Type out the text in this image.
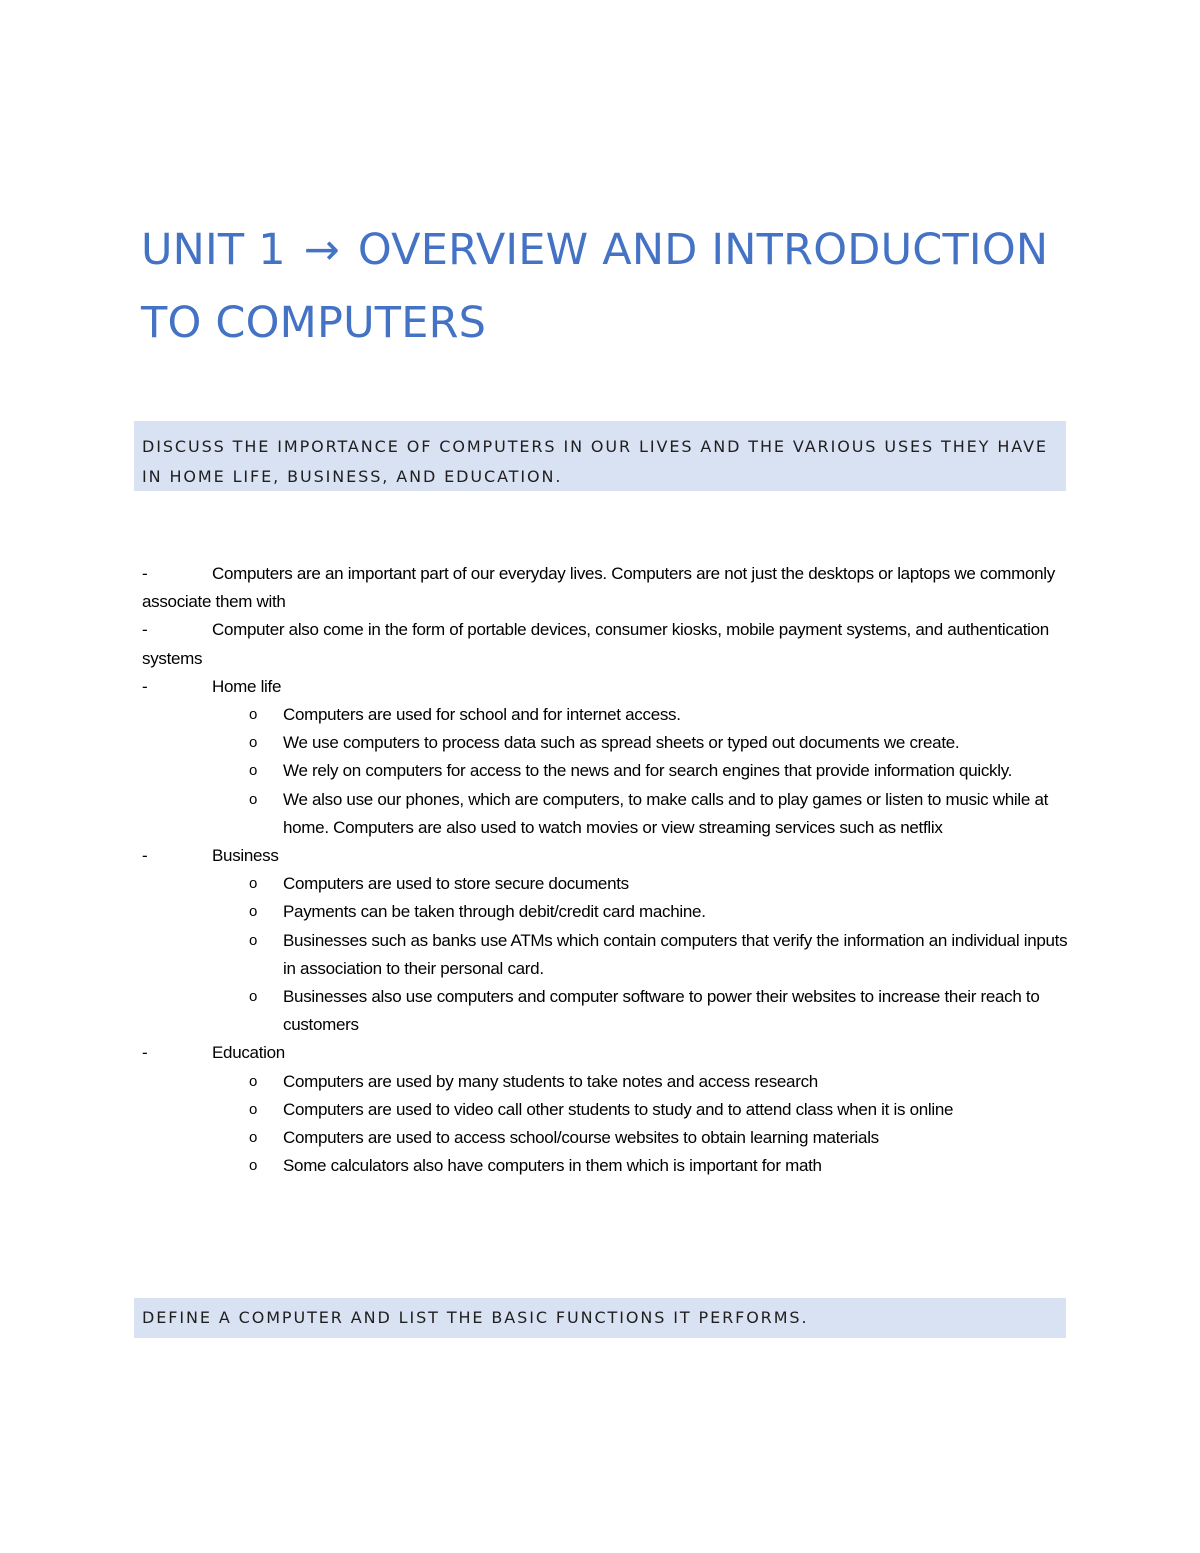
UNIT 1 → OVERVIEW AND INTRODUCTION TO COMPUTERS
DISCUSS THE IMPORTANCE OF COMPUTERS IN OUR LIVES AND THE VARIOUS USES THEY HAVE IN HOME LIFE, BUSINESS, AND EDUCATION.
-	Computers are an important part of our everyday lives. Computers are not just the desktops or laptops we commonly associate them with
-	Computer also come in the form of portable devices, consumer kiosks, mobile payment systems, and authentication systems
-	Home life
o Computers are used for school and for internet access.
o We use computers to process data such as spread sheets or typed out documents we create.
o We rely on computers for access to the news and for search engines that provide information quickly.
o We also use our phones, which are computers, to make calls and to play games or listen to music while at home. Computers are also used to watch movies or view streaming services such as netflix
-	Business
o Computers are used to store secure documents
o Payments can be taken through debit/credit card machine.
o Businesses such as banks use ATMs which contain computers that verify the information an individual inputs in association to their personal card.
o Businesses also use computers and computer software to power their websites to increase their reach to customers
-	Education
o Computers are used by many students to take notes and access research
o Computers are used to video call other students to study and to attend class when it is online
o Computers are used to access school/course websites to obtain learning materials
o Some calculators also have computers in them which is important for math
DEFINE A COMPUTER AND LIST THE BASIC FUNCTIONS IT PERFORMS.
